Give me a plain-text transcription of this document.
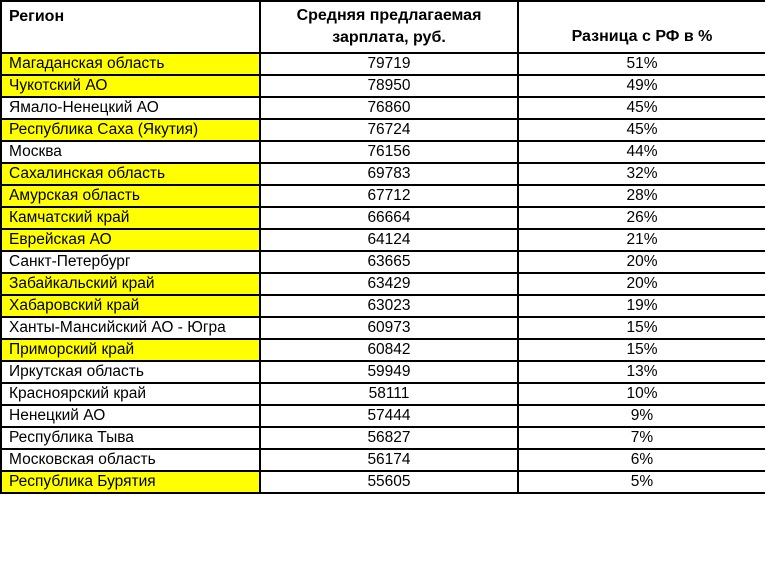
Регион	Средняя предлагаемая зарплата, руб.	Разница с РФ в %
Магаданская область	79719	51%
Чукотский АО	78950	49%
Ямало-Ненецкий АО	76860	45%
Республика Саха (Якутия)	76724	45%
Москва	76156	44%
Сахалинская область	69783	32%
Амурская область	67712	28%
Камчатский край	66664	26%
Еврейская АО	64124	21%
Санкт-Петербург	63665	20%
Забайкальский край	63429	20%
Хабаровский край	63023	19%
Ханты-Мансийский АО - Югра	60973	15%
Приморский край	60842	15%
Иркутская область	59949	13%
Красноярский край	58111	10%
Ненецкий АО	57444	9%
Республика Тыва	56827	7%
Московская область	56174	6%
Республика Бурятия	55605	5%
